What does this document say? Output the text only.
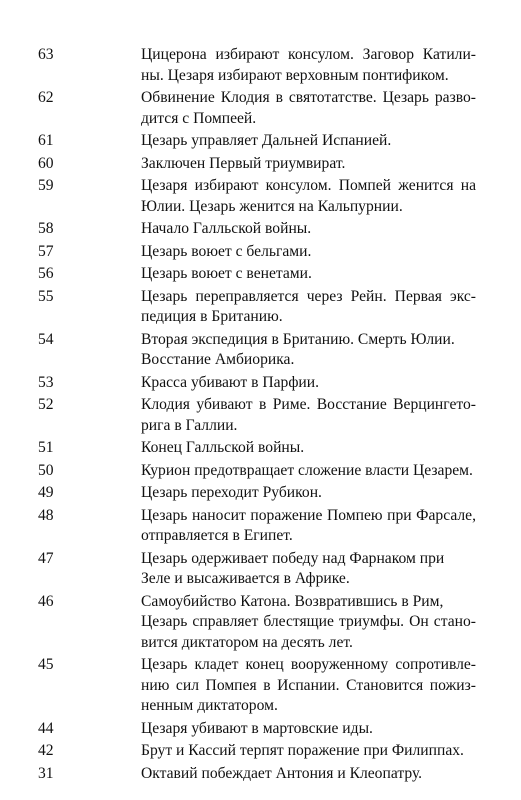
63	Цицерона избирают консулом. Заговор Катили-
ны. Цезаря избирают верховным понтификом.
62	Обвинение Клодия в святотатстве. Цезарь разво-
дится с Помпеей.
61	Цезарь управляет Дальней Испанией.
60	Заключен Первый триумвират.
59	Цезаря избирают консулом. Помпей женится на
Юлии. Цезарь женится на Кальпурнии.
58	Начало Галльской войны.
57	Цезарь воюет с бельгами.
56	Цезарь воюет с венетами.
55	Цезарь переправляется через Рейн. Первая экс-
педиция в Британию.
54	Вторая экспедиция в Британию. Смерть Юлии.
Восстание Амбиорика.
53	Красса убивают в Парфии.
52	Клодия убивают в Риме. Восстание Верцингето-
рига в Галлии.
51	Конец Галльской войны.
50	Курион предотвращает сложение власти Цезарем.
49	Цезарь переходит Рубикон.
48	Цезарь наносит поражение Помпею при Фарсале,
отправляется в Египет.
47	Цезарь одерживает победу над Фарнаком при
Зеле и высаживается в Африке.
46	Самоубийство Катона. Возвратившись в Рим,
Цезарь справляет блестящие триумфы. Он стано-
вится диктатором на десять лет.
45	Цезарь кладет конец вооруженному сопротивле-
нию сил Помпея в Испании. Становится пожиз-
ненным диктатором.
44	Цезаря убивают в мартовские иды.
42	Брут и Кассий терпят поражение при Филиппах.
31	Октавий побеждает Антония и Клеопатру.
